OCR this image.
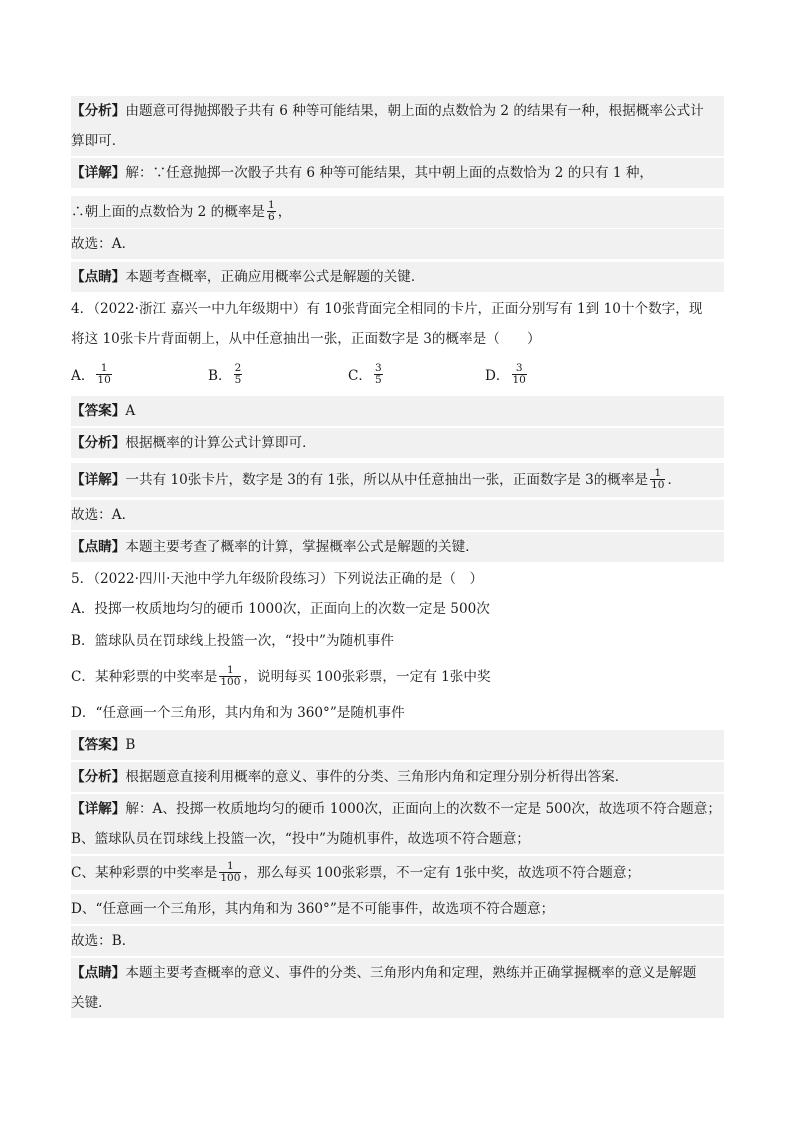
【分析】由题意可得抛掷骰子共有 6 种等可能结果，朝上面的点数恰为 2 的结果有一种，根据概率公式计
算即可．
【详解】解：∵任意抛掷一次骰子共有 6 种等可能结果，其中朝上面的点数恰为 2 的只有 1 种，
∴朝上面的点数恰为 2 的概率是 $\frac{1}{6}$ ，
故选：A．
【点睛】本题考查概率，正确应用概率公式是解题的关键．
4．（2022·浙江 嘉兴一中九年级期中）有 10张背面完全相同的卡片，正面分别写有 1到 10十个数字，现
将这 10张卡片背面朝上，从中任意抽出一张，正面数字是 3的概率是（　　）
A． $\frac{1}{10}$	B． $\frac{2}{5}$	C． $\frac{3}{5}$	D． $\frac{3}{10}$
【答案】A
【分析】根据概率的计算公式计算即可．
【详解】一共有 10张卡片，数字是 3的有 1张，所以从中任意抽出一张，正面数字是 3的概率是 $\frac{1}{10}$ ．
故选：A．
【点睛】本题主要考查了概率的计算，掌握概率公式是解题的关键．
5．（2022·四川·天池中学九年级阶段练习）下列说法正确的是（　）
A．投掷一枚质地均匀的硬币 1000次，正面向上的次数一定是 500次
B．篮球队员在罚球线上投篮一次，“投中”为随机事件
C．某种彩票的中奖率是 $\frac{1}{100}$ ，说明每买 100张彩票，一定有 1张中奖
D．“任意画一个三角形，其内角和为 360°”是随机事件
【答案】B
【分析】根据题意直接利用概率的意义、事件的分类、三角形内角和定理分别分析得出答案．
【详解】解：A、投掷一枚质地均匀的硬币 1000次，正面向上的次数不一定是 500次，故选项不符合题意；
B、篮球队员在罚球线上投篮一次，“投中”为随机事件，故选项不符合题意；
C、某种彩票的中奖率是 $\frac{1}{100}$ ，那么每买 100张彩票，不一定有 1张中奖，故选项不符合题意；
D、“任意画一个三角形，其内角和为 360°”是不可能事件，故选项不符合题意；
故选：B．
【点睛】本题主要考查概率的意义、事件的分类、三角形内角和定理，熟练并正确掌握概率的意义是解题
关键．
